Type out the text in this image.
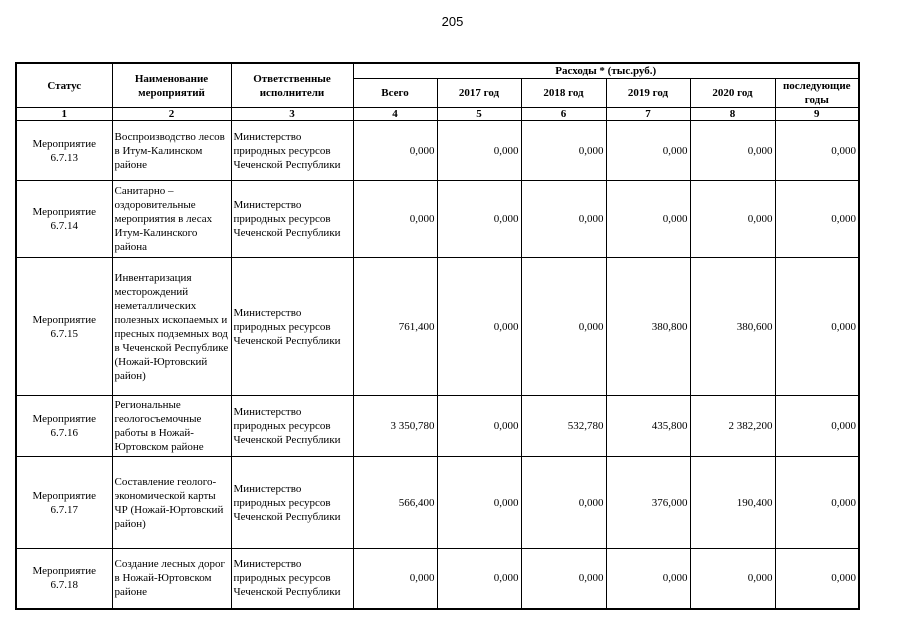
205
Статус	Наименование мероприятий	Ответственные исполнители	Расходы * (тыс.руб.)					
			Всего	2017 год	2018 год	2019 год	2020 год	последующие годы
1	2	3	4	5	6	7	8	9
Мероприятие 6.7.13	Воспроизводство лесов в Итум-Калинском районе	Министерство природных ресурсов Чеченской Республики	0,000	0,000	0,000	0,000	0,000	0,000
Мероприятие 6.7.14	Санитарно – оздоровительные мероприятия в лесах Итум-Калинского района	Министерство природных ресурсов Чеченской Республики	0,000	0,000	0,000	0,000	0,000	0,000
Мероприятие 6.7.15	Инвентаризация месторождений неметаллических полезных ископаемых и пресных подземных вод в Чеченской Республике (Ножай-Юртовский район)	Министерство природных ресурсов Чеченской Республики	761,400	0,000	0,000	380,800	380,600	0,000
Мероприятие 6.7.16	Региональные геологосъемочные работы в Ножай-Юртовском районе	Министерство природных ресурсов Чеченской Республики	3 350,780	0,000	532,780	435,800	2 382,200	0,000
Мероприятие 6.7.17	Составление геолого-экономической карты ЧР (Ножай-Юртовский район)	Министерство природных ресурсов Чеченской Республики	566,400	0,000	0,000	376,000	190,400	0,000
Мероприятие 6.7.18	Создание лесных дорог в Ножай-Юртовском районе	Министерство природных ресурсов Чеченской Республики	0,000	0,000	0,000	0,000	0,000	0,000
